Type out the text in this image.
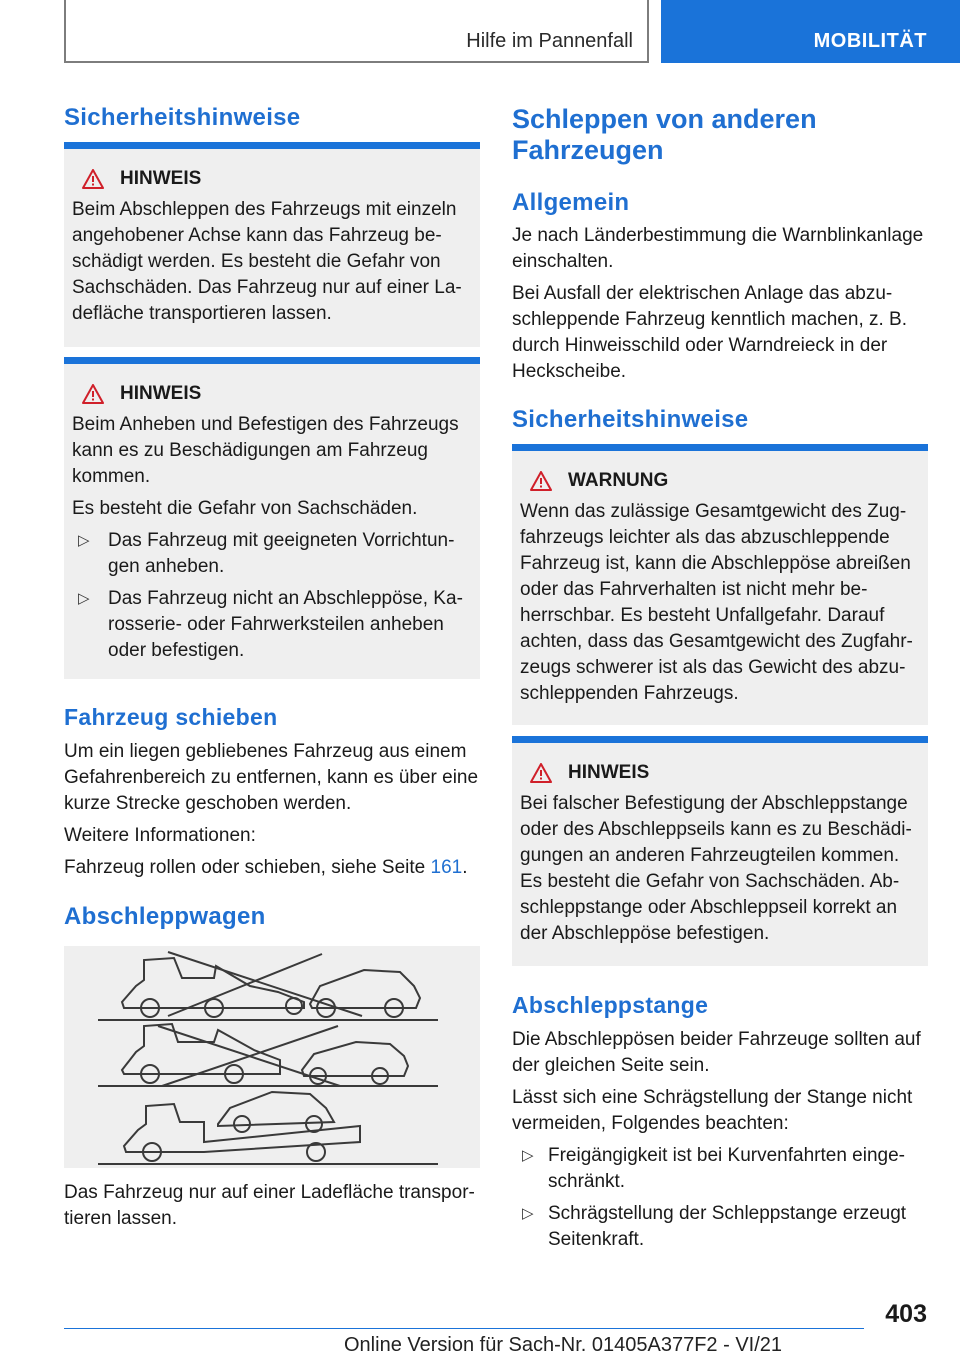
Hilfe im Pannenfall	MOBILITÄT
Sicherheitshinweise
HINWEIS

Beim Abschleppen des Fahrzeugs mit einzeln angehobener Achse kann das Fahrzeug beschädigt werden. Es besteht die Gefahr von Sachschäden. Das Fahrzeug nur auf einer Ladefläche transportieren lassen.

HINWEIS

Beim Anheben und Befestigen des Fahrzeugs kann es zu Beschädigungen am Fahrzeug kommen.

Es besteht die Gefahr von Sachschäden.

▷ Das Fahrzeug mit geeigneten Vorrichtungen anheben.
▷ Das Fahrzeug nicht an Abschleppöse, Karosserie- oder Fahrwerksteilen anheben oder befestigen.
Fahrzeug schieben

Um ein liegen gebliebenes Fahrzeug aus einem Gefahrenbereich zu entfernen, kann es über eine kurze Strecke geschoben werden.

Weitere Informationen:

Fahrzeug rollen oder schieben, siehe Seite 161.

Abschleppwagen

Das Fahrzeug nur auf einer Ladefläche transportieren lassen.

Schleppen von anderen Fahrzeugen
Allgemein

Je nach Länderbestimmung die Warnblinkanlage einschalten.

Bei Ausfall der elektrischen Anlage das abzuschleppende Fahrzeug kenntlich machen, z. B. durch Hinweisschild oder Warndreieck in der Heckscheibe.

Sicherheitshinweise
WARNUNG

Wenn das zulässige Gesamtgewicht des Zugfahrzeugs leichter als das abzuschleppende Fahrzeug ist, kann die Abschleppöse abreißen oder das Fahrverhalten ist nicht mehr beherrschbar. Es besteht Unfallgefahr. Darauf achten, dass das Gesamtgewicht des Zugfahrzeugs schwerer ist als das Gewicht des abzuschleppenden Fahrzeugs.

HINWEIS

Bei falscher Befestigung der Abschleppstange oder des Abschleppseils kann es zu Beschädigungen an anderen Fahrzeugteilen kommen. Es besteht die Gefahr von Sachschäden. Abschleppstange oder Abschleppseil korrekt an der Abschleppöse befestigen.

Abschleppstange

Die Abschleppösen beider Fahrzeuge sollten auf der gleichen Seite sein.

Lässt sich eine Schrägstellung der Stange nicht vermeiden, Folgendes beachten:

▷ Freigängigkeit ist bei Kurvenfahrten eingeschränkt.
▷ Schrägstellung der Schleppstange erzeugt Seitenkraft.
403
Online Version für Sach-Nr. 01405A377F2 - VI/21
